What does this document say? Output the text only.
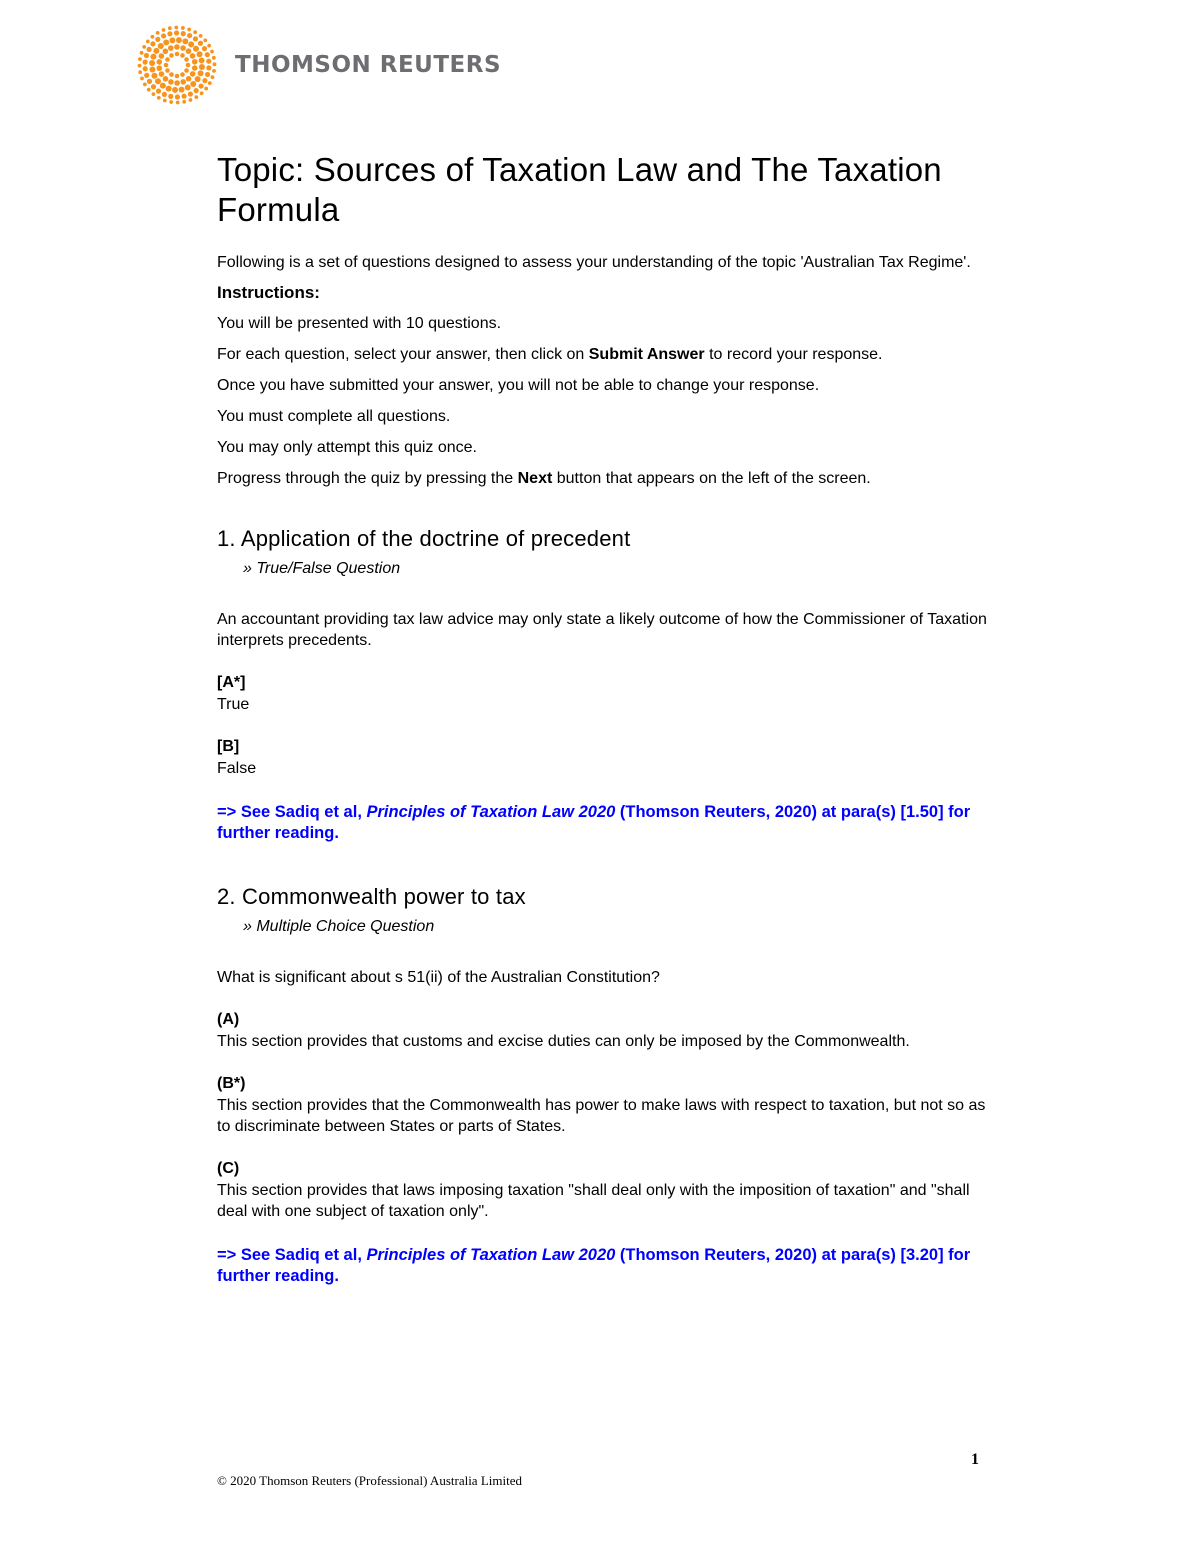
THOMSON REUTERS
Topic: Sources of Taxation Law and The Taxation Formula

Following is a set of questions designed to assess your understanding of the topic 'Australian Tax Regime'.

Instructions:
You will be presented with 10 questions.
For each question, select your answer, then click on Submit Answer to record your response.
Once you have submitted your answer, you will not be able to change your response.
You must complete all questions.
You may only attempt this quiz once.
Progress through the quiz by pressing the Next button that appears on the left of the screen.
1. Application of the doctrine of precedent
» True/False Question

An accountant providing tax law advice may only state a likely outcome of how the Commissioner of Taxation interprets precedents.

[A*]
True
[B]
False

=> See Sadiq et al, Principles of Taxation Law 2020 (Thomson Reuters, 2020) at para(s) [1.50] for further reading.

2. Commonwealth power to tax
» Multiple Choice Question

What is significant about s 51(ii) of the Australian Constitution?

(A)
This section provides that customs and excise duties can only be imposed by the Commonwealth.
(B*)
This section provides that the Commonwealth has power to make laws with respect to taxation, but not so as to discriminate between States or parts of States.
(C)
This section provides that laws imposing taxation "shall deal only with the imposition of taxation" and "shall deal with one subject of taxation only".

=> See Sadiq et al, Principles of Taxation Law 2020 (Thomson Reuters, 2020) at para(s) [3.20] for further reading.

1
© 2020 Thomson Reuters (Professional) Australia Limited
